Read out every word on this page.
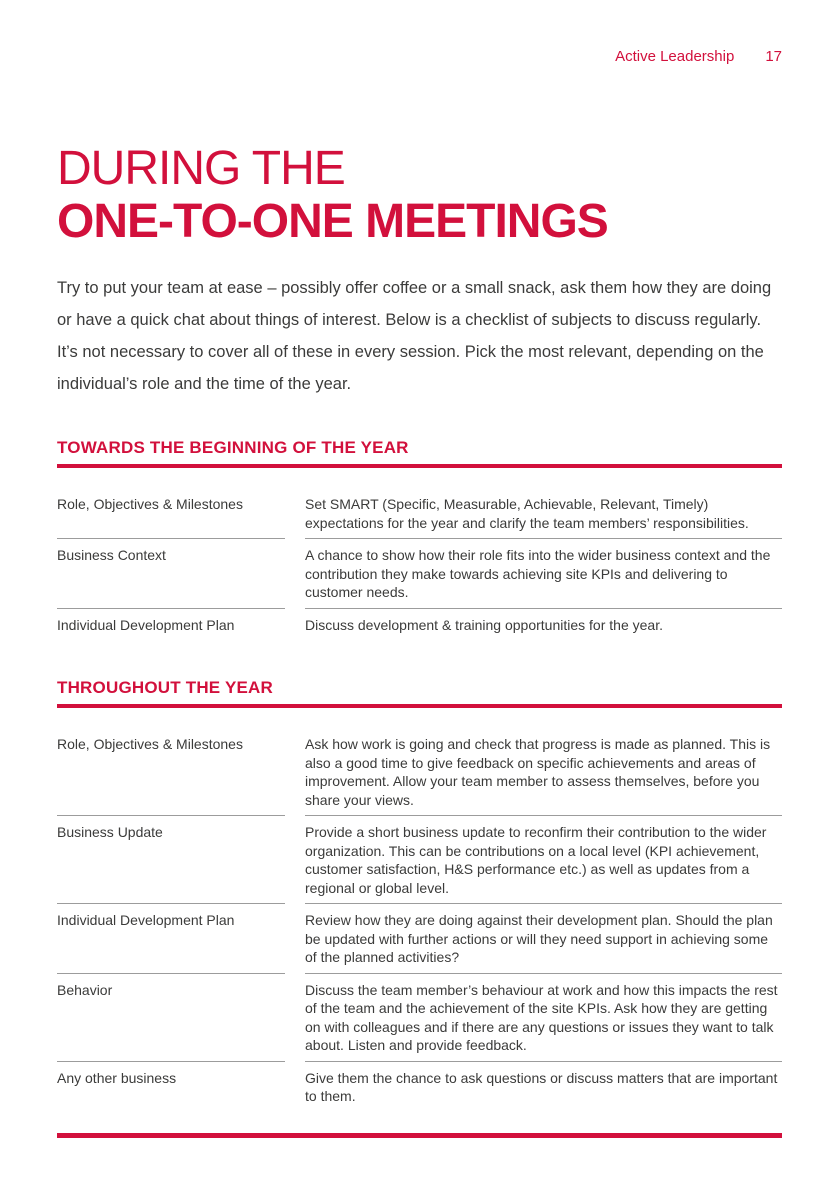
Active Leadership 17
DURING THE
ONE-TO-ONE MEETINGS

Try to put your team at ease – possibly offer coffee or a small snack, ask them how they are doing or have a quick chat about things of interest. Below is a checklist of subjects to discuss regularly. It’s not necessary to cover all of these in every session. Pick the most relevant, depending on the individual’s role and the time of the year.

TOWARDS THE BEGINNING OF THE YEAR
Role, Objectives & Milestones	Set SMART (Specific, Measurable, Achievable, Relevant, Timely) expectations for the year and clarify the team members’ responsibilities.
Business Context	A chance to show how their role fits into the wider business context and the contribution they make towards achieving site KPIs and delivering to customer needs.
Individual Development Plan	Discuss development & training opportunities for the year.
THROUGHOUT THE YEAR
Role, Objectives & Milestones	Ask how work is going and check that progress is made as planned. This is also a good time to give feedback on specific achievements and areas of improvement. Allow your team member to assess themselves, before you share your views.
Business Update	Provide a short business update to reconfirm their contribution to the wider organization. This can be contributions on a local level (KPI achievement, customer satisfaction, H&S performance etc.) as well as updates from a regional or global level.
Individual Development Plan	Review how they are doing against their development plan. Should the plan be updated with further actions or will they need support in achieving some of the planned activities?
Behavior	Discuss the team member’s behaviour at work and how this impacts the rest of the team and the achievement of the site KPIs. Ask how they are getting on with colleagues and if there are any questions or issues they want to talk about. Listen and provide feedback.
Any other business	Give them the chance to ask questions or discuss matters that are important to them.
